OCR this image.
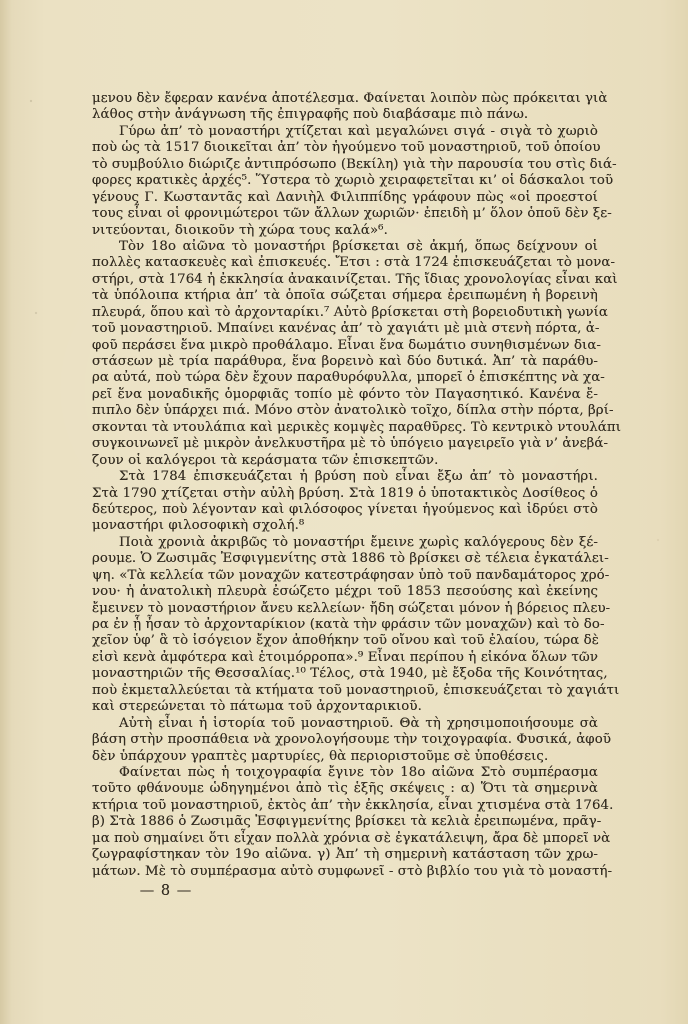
μενου δὲν ἔφεραν κανένα ἀποτέλεσμα. Φαίνεται λοιπὸν πὼς πρόκειται γιὰ
λάθος στὴν ἀνάγνωση τῆς ἐπιγραφῆς ποὺ διαβάσαμε πιὸ πάνω.
Γύρω ἀπ’ τὸ μοναστήρι χτίζεται καὶ μεγαλώνει σιγά - σιγὰ τὸ χωριὸ
ποὺ ὡς τὰ 1517 διοικεῖται ἀπ’ τὸν ἡγούμενο τοῦ μοναστηριοῦ, τοῦ ὁποίου
τὸ συμβούλιο διώριζε ἀντιπρόσωπο (Βεκίλη) γιὰ τὴν παρουσία του στὶς διά-
φορες κρατικὲς ἀρχές⁵. Ὕστερα τὸ χωριὸ χειραφετεῖται κι’ οἱ δάσκαλοι τοῦ
γένους Γ. Κωσταντᾶς καὶ Δανιὴλ Φιλιππίδης γράφουν πὼς «οἱ προεστοί
τους εἶναι οἱ φρονιμώτεροι τῶν ἄλλων χωριῶν· ἐπειδὴ μ’ ὅλον ὁποῦ δὲν ξε-
νιτεύονται, διοικοῦν τὴ χώρα τους καλά»⁶.
Τὸν 18ο αἰῶνα τὸ μοναστήρι βρίσκεται σὲ ἀκμή, ὅπως δείχνουν οἱ
πολλὲς κατασκευὲς καὶ ἐπισκευές. Ἔτσι : στὰ 1724 ἐπισκευάζεται τὸ μονα-
στήρι, στὰ 1764 ἡ ἐκκλησία ἀνακαινίζεται. Τῆς ἴδιας χρονολογίας εἶναι καὶ
τὰ ὑπόλοιπα κτήρια ἀπ’ τὰ ὁποῖα σώζεται σήμερα ἐρειπωμένη ἡ βορεινὴ
πλευρά, ὅπου καὶ τὸ ἀρχονταρίκι.⁷ Αὐτὸ βρίσκεται στὴ βορειοδυτικὴ γωνία
τοῦ μοναστηριοῦ. Μπαίνει κανένας ἀπ’ τὸ χαγιάτι μὲ μιὰ στενὴ πόρτα, ἀ-
φοῦ περάσει ἕνα μικρὸ προθάλαμο. Εἶναι ἕνα δωμάτιο συνηθισμένων δια-
στάσεων μὲ τρία παράθυρα, ἕνα βορεινὸ καὶ δύο δυτικά. Ἀπ’ τὰ παράθυ-
ρα αὐτά, ποὺ τώρα δὲν ἔχουν παραθυρόφυλλα, μπορεῖ ὁ ἐπισκέπτης νὰ χα-
ρεῖ ἕνα μοναδικῆς ὁμορφιᾶς τοπίο μὲ φόντο τὸν Παγασητικό. Κανένα ἔ-
πιπλο δὲν ὑπάρχει πιά. Μόνο στὸν ἀνατολικὸ τοῖχο, δίπλα στὴν πόρτα, βρί-
σκονται τὰ ντουλάπια καὶ μερικὲς κομψὲς παραθῦρες. Τὸ κεντρικὸ ντουλάπι
συγκοινωνεῖ μὲ μικρὸν ἀνελκυστῆρα μὲ τὸ ὑπόγειο μαγειρεῖο γιὰ ν’ ἀνεβά-
ζουν οἱ καλόγεροι τὰ κεράσματα τῶν ἐπισκεπτῶν.
Στὰ 1784 ἐπισκευάζεται ἡ βρύση ποὺ εἶναι ἔξω ἀπ’ τὸ μοναστήρι.
Στὰ 1790 χτίζεται στὴν αὐλὴ βρύση. Στὰ 1819 ὁ ὑποτακτικὸς Δοσίθεος ὁ
δεύτερος, ποὺ λέγονταν καὶ φιλόσοφος γίνεται ἡγούμενος καὶ ἱδρύει στὸ
μοναστήρι φιλοσοφικὴ σχολή.⁸
Ποιὰ χρονιὰ ἀκριβῶς τὸ μοναστήρι ἔμεινε χωρὶς καλόγερους δὲν ξέ-
ρουμε. Ὁ Ζωσιμᾶς Ἐσφιγμενίτης στὰ 1886 τὸ βρίσκει σὲ τέλεια ἐγκατάλει-
ψη. «Τὰ κελλεία τῶν μοναχῶν κατεστράφησαν ὑπὸ τοῦ πανδαμάτορος χρό-
νου· ἡ ἀνατολικὴ πλευρὰ ἐσώζετο μέχρι τοῦ 1853 πεσούσης καὶ ἐκείνης
ἔμεινεν τὸ μοναστήριον ἄνευ κελλείων· ἤδη σώζεται μόνον ἡ βόρειος πλευ-
ρα ἐν ᾗ ἦσαν τὸ ἀρχονταρίκιον (κατὰ τὴν φράσιν τῶν μοναχῶν) καὶ τὸ δο-
χεῖον ὑφ’ ἃ τὸ ἰσόγειον ἔχον ἀποθήκην τοῦ οἴνου καὶ τοῦ ἐλαίου, τώρα δὲ
εἰσὶ κενὰ ἀμφότερα καὶ ἑτοιμόρροπα».⁹ Εἶναι περίπου ἡ εἰκόνα ὅλων τῶν
μοναστηριῶν τῆς Θεσσαλίας.¹⁰ Τέλος, στὰ 1940, μὲ ἔξοδα τῆς Κοινότητας,
ποὺ ἐκμεταλλεύεται τὰ κτήματα τοῦ μοναστηριοῦ, ἐπισκευάζεται τὸ χαγιάτι
καὶ στερεώνεται τὸ πάτωμα τοῦ ἀρχονταρικιοῦ.
Αὐτὴ εἶναι ἡ ἱστορία τοῦ μοναστηριοῦ. Θὰ τὴ χρησιμοποιήσουμε σὰ
βάση στὴν προσπάθεια νὰ χρονολογήσουμε τὴν τοιχογραφία. Φυσικά, ἀφοῦ
δὲν ὑπάρχουν γραπτὲς μαρτυρίες, θὰ περιοριστοῦμε σὲ ὑποθέσεις.
Φαίνεται πὼς ἡ τοιχογραφία ἔγινε τὸν 18ο αἰῶνα Στὸ συμπέρασμα
τοῦτο φθάνουμε ὡδηγημένοι ἀπὸ τὶς ἑξῆς σκέψεις : α) Ὅτι τὰ σημερινὰ
κτήρια τοῦ μοναστηριοῦ, ἐκτὸς ἀπ’ τὴν ἐκκλησία, εἶναι χτισμένα στὰ 1764.
β) Στὰ 1886 ὁ Ζωσιμᾶς Ἐσφιγμενίτης βρίσκει τὰ κελιὰ ἐρειπωμένα, πρᾶγ-
μα ποὺ σημαίνει ὅτι εἶχαν πολλὰ χρόνια σὲ ἐγκατάλειψη, ἄρα δὲ μπορεῖ νὰ
ζωγραφίστηκαν τὸν 19ο αἰῶνα. γ) Ἀπ’ τὴ σημερινὴ κατάσταση τῶν χρω-
μάτων. Μὲ τὸ συμπέρασμα αὐτὸ συμφωνεῖ - στὸ βιβλίο του γιὰ τὸ μοναστή-
— 8 —
